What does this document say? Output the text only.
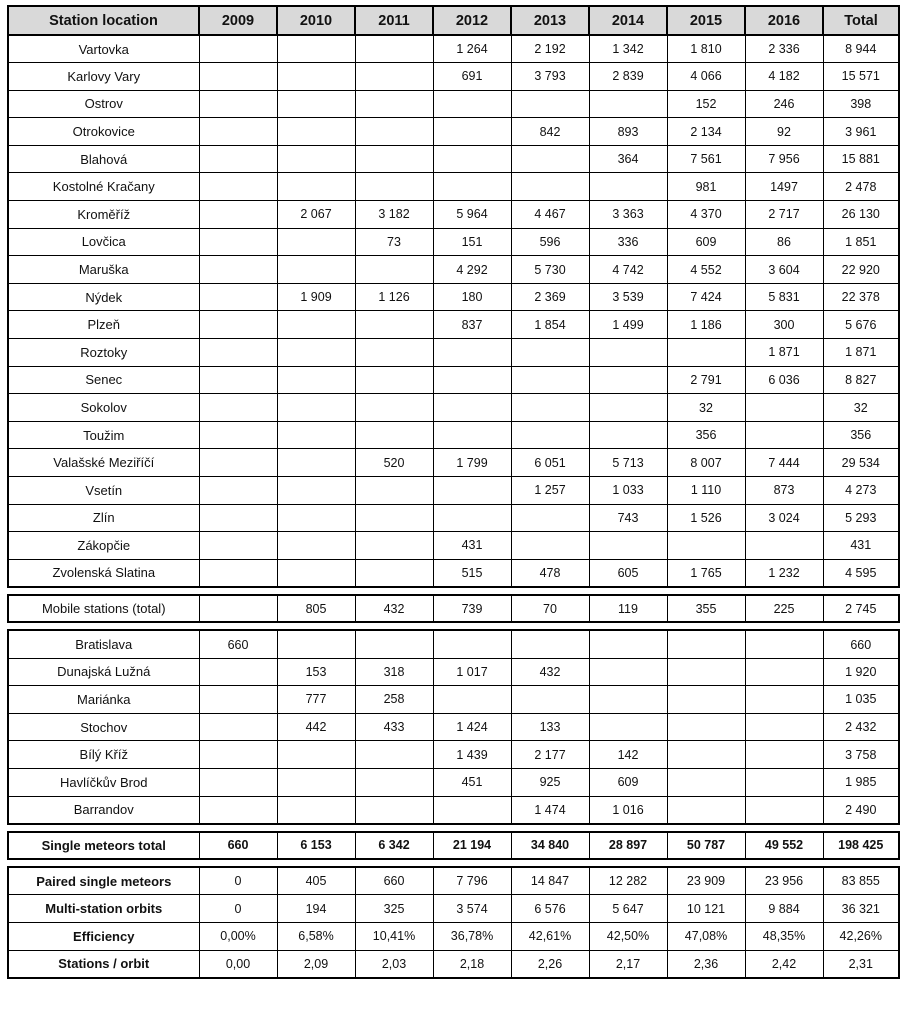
Station location	2009	2010	2011	2012	2013	2014	2015	2016	Total
Vartovka				1 264	2 192	1 342	1 810	2 336	8 944
Karlovy Vary				691	3 793	2 839	4 066	4 182	15 571
Ostrov							152	246	398
Otrokovice					842	893	2 134	92	3 961
Blahová						364	7 561	7 956	15 881
Kostolné Kračany							981	1497	2 478
Kroměříž		2 067	3 182	5 964	4 467	3 363	4 370	2 717	26 130
Lovčica			73	151	596	336	609	86	1 851
Maruška				4 292	5 730	4 742	4 552	3 604	22 920
Nýdek		1 909	1 126	180	2 369	3 539	7 424	5 831	22 378
Plzeň				837	1 854	1 499	1 186	300	5 676
Roztoky								1 871	1 871
Senec							2 791	6 036	8 827
Sokolov							32		32
Toužim							356		356
Valašské Meziříčí			520	1 799	6 051	5 713	8 007	7 444	29 534
Vsetín					1 257	1 033	1 110	873	4 273
Zlín						743	1 526	3 024	5 293
Zákopčie				431					431
Zvolenská Slatina				515	478	605	1 765	1 232	4 595

Mobile stations (total)		805	432	739	70	119	355	225	2 745

Bratislava	660								660
Dunajská Lužná		153	318	1 017	432				1 920
Mariánka		777	258						1 035
Stochov		442	433	1 424	133				2 432
Bílý Kříž				1 439	2 177	142			3 758
Havlíčkův Brod				451	925	609			1 985
Barrandov					1 474	1 016			2 490

Single meteors total	660	6 153	6 342	21 194	34 840	28 897	50 787	49 552	198 425

Paired single meteors	0	405	660	7 796	14 847	12 282	23 909	23 956	83 855
Multi-station orbits	0	194	325	3 574	6 576	5 647	10 121	9 884	36 321
Efficiency	0,00%	6,58%	10,41%	36,78%	42,61%	42,50%	47,08%	48,35%	42,26%
Stations / orbit	0,00	2,09	2,03	2,18	2,26	2,17	2,36	2,42	2,31
